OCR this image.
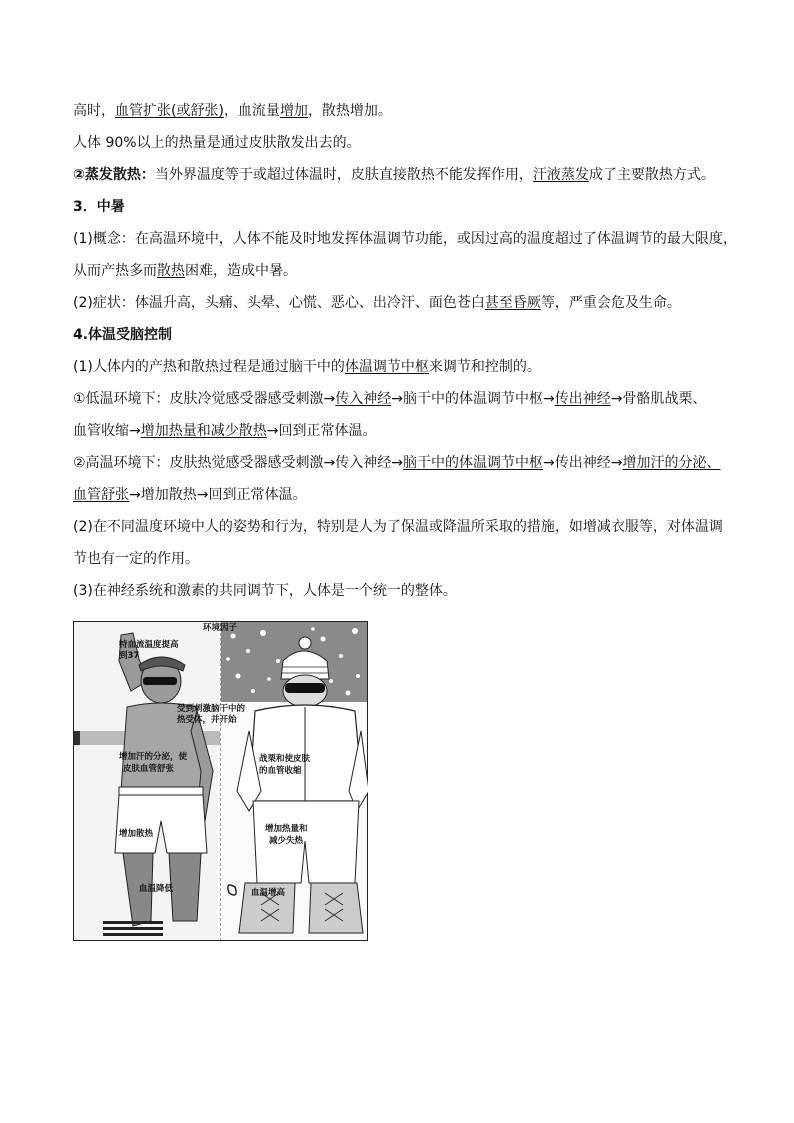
高时，血管扩张(或舒张)，血流量增加，散热增加。
人体 90%以上的热量是通过皮肤散发出去的。
②蒸发散热：当外界温度等于或超过体温时，皮肤直接散热不能发挥作用，汗液蒸发成了主要散热方式。
3．中暑
(1)概念：在高温环境中，人体不能及时地发挥体温调节功能，或因过高的温度超过了体温调节的最大限度，
从而产热多而散热困难，造成中暑。
(2)症状：体温升高，头痛、头晕、心慌、恶心、出冷汗、面色苍白甚至昏厥等，严重会危及生命。
4.体温受脑控制
(1)人体内的产热和散热过程是通过脑干中的体温调节中枢来调节和控制的。
①低温环境下：皮肤冷觉感受器感受刺激→传入神经→脑干中的体温调节中枢→传出神经→骨骼肌战栗、
血管收缩→增加热量和减少散热→回到正常体温。
②高温环境下：皮肤热觉感受器感受刺激→传入神经→脑干中的体温调节中枢→传出神经→增加汗的分泌、
血管舒张→增加散热→回到正常体温。
(2)在不同温度环境中人的姿势和行为，特别是人为了保温或降温所采取的措施，如增减衣服等，对体温调
节也有一定的作用。
(3)在神经系统和激素的共同调节下，人体是一个统一的整体。
环境因子
特血流温度提高
到37
受到刺激脑干中的
热受体，并开始
增加汗的分泌，使
皮肤血管舒张
增加散热
血温降低
战栗和使皮肤
的血管收缩
增加热量和
减少失热
血温增高
